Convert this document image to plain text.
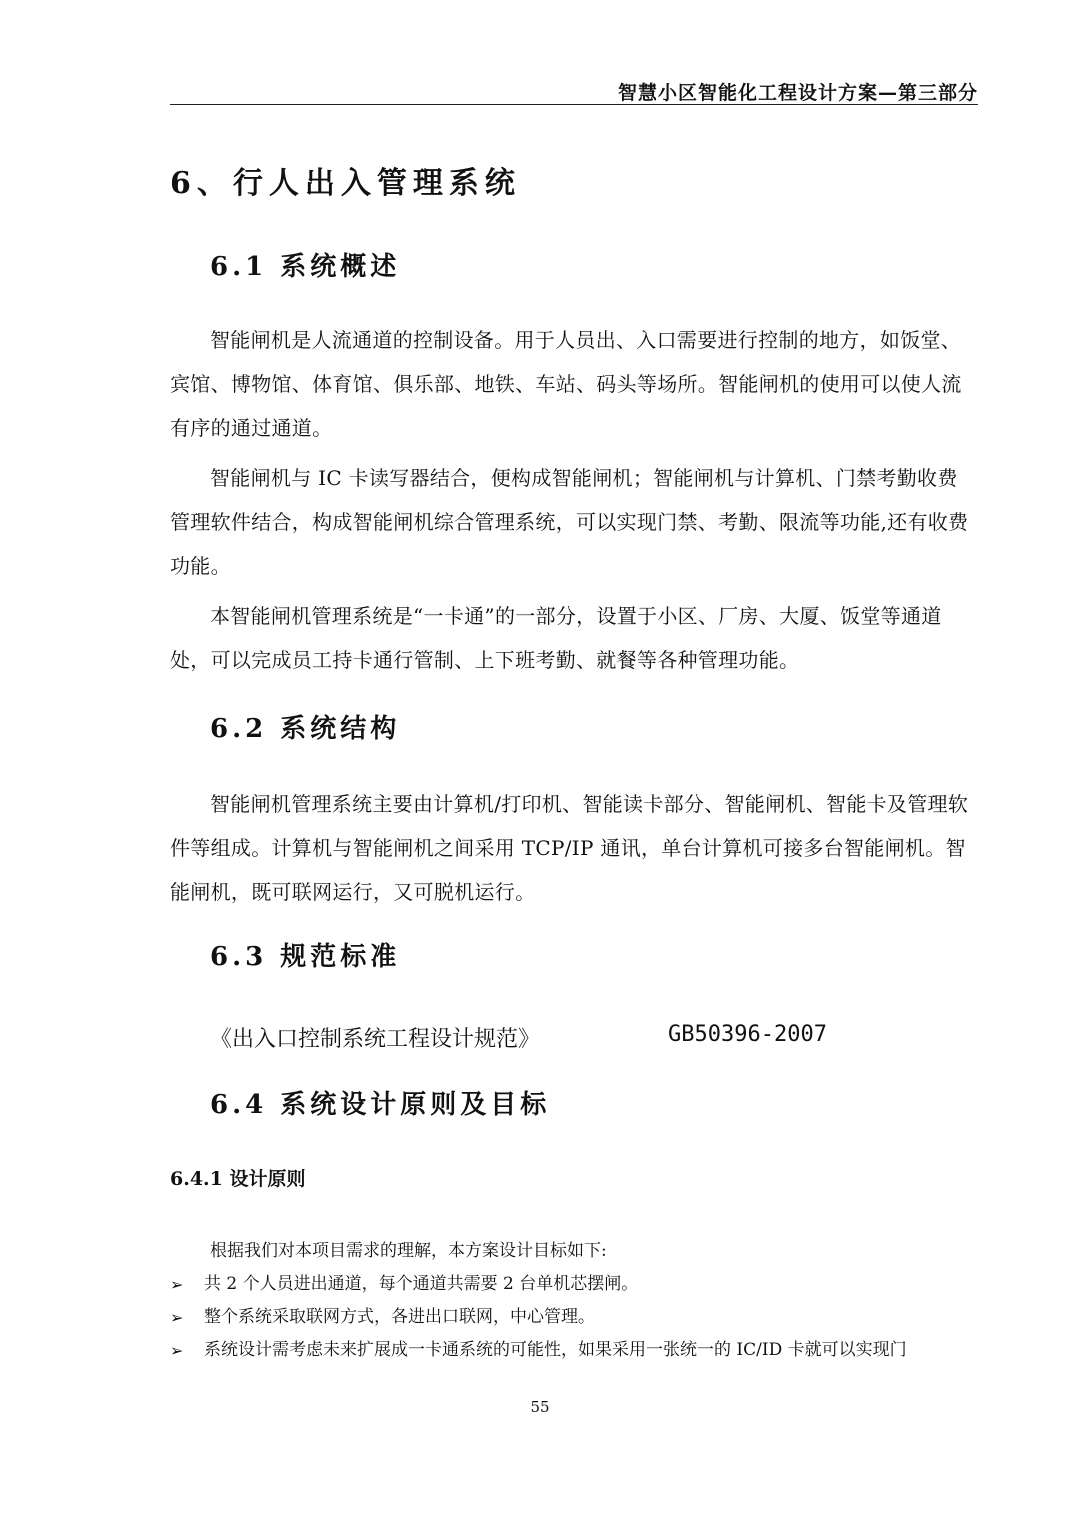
智慧小区智能化工程设计方案—第三部分
6、行人出入管理系统
6.1 系统概述

智能闸机是人流通道的控制设备。用于人员出、入口需要进行控制的地方，如饭堂、宾馆、博物馆、体育馆、俱乐部、地铁、车站、码头等场所。智能闸机的使用可以使人流有序的通过通道。

智能闸机与 IC 卡读写器结合，便构成智能闸机；智能闸机与计算机、门禁考勤收费管理软件结合，构成智能闸机综合管理系统，可以实现门禁、考勤、限流等功能,还有收费功能。

本智能闸机管理系统是“一卡通”的一部分，设置于小区、厂房、大厦、饭堂等通道处，可以完成员工持卡通行管制、上下班考勤、就餐等各种管理功能。

6.2 系统结构

智能闸机管理系统主要由计算机/打印机、智能读卡部分、智能闸机、智能卡及管理软件等组成。计算机与智能闸机之间采用 TCP/IP 通讯，单台计算机可接多台智能闸机。智能闸机，既可联网运行，又可脱机运行。

6.3 规范标准

《出入口控制系统工程设计规范》	GB50396-2007
6.4 系统设计原则及目标
6.4.1 设计原则

根据我们对本项目需求的理解，本方案设计目标如下:

➢ 共 2 个人员进出通道，每个通道共需要 2 台单机芯摆闸。
➢ 整个系统采取联网方式，各进出口联网，中心管理。
➢ 系统设计需考虑未来扩展成一卡通系统的可能性，如果采用一张统一的 IC/ID 卡就可以实现门
55
